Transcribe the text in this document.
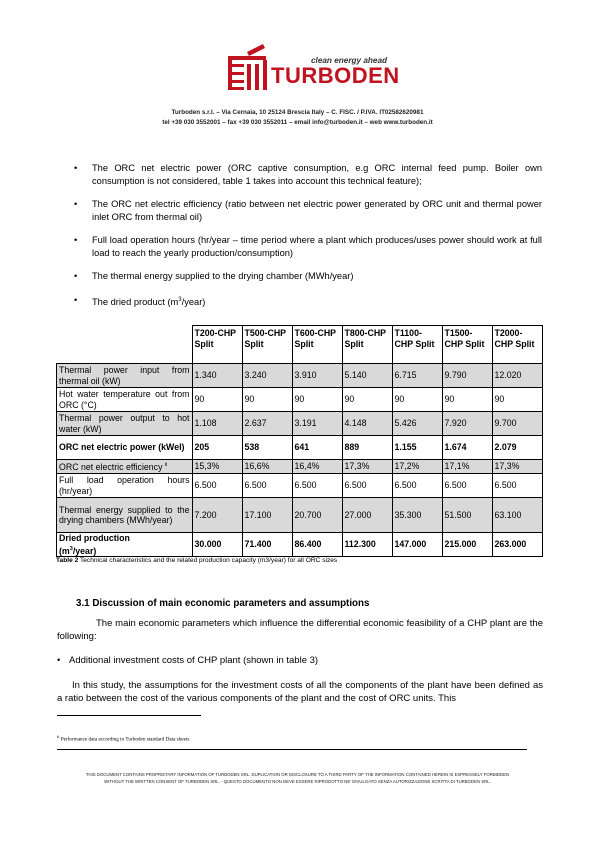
clean energy ahead
TURBODEN
Turboden s.r.l. – Via Cernaia, 10 25124 Brescia Italy – C. FISC. / P.IVA. IT02582620981
tel +39 030 3552001 – fax +39 030 3552011 – email info@turboden.it – web www.turboden.it
• The ORC net electric power (ORC captive consumption, e.g ORC internal feed pump. Boiler own consumption is not considered, table 1 takes into account this technical feature);
• The ORC net electric efficiency (ratio between net electric power generated by ORC unit and thermal power inlet ORC from thermal oil)
• Full load operation hours (hr/year – time period where a plant which produces/uses power should work at full load to reach the yearly production/consumption)
• The thermal energy supplied to the drying chamber (MWh/year)
• The dried product $(m^3/year)$
	T200-CHP Split	T500-CHP Split	T600-CHP Split	T800-CHP Split	T1100-CHP Split	T1500-CHP Split	T2000-CHP Split
Thermal power input from thermal oil (kW)	1.340	3.240	3.910	5.140	6.715	9.790	12.020
Hot water temperature out from ORC (°C)	90	90	90	90	90	90	90
Thermal power output to hot water (kW)	1.108	2.637	3.191	4.148	5.426	7.920	9.700
ORC net electric power (kWel)	205	538	641	889	1.155	1.674	2.079
ORC net electric efficiency $^{ii}$	15,3%	16,6%	16,4%	17,3%	17,2%	17,1%	17,3%
Full load operation hours (hr/year)	6.500	6.500	6.500	6.500	6.500	6.500	6.500
Thermal energy supplied to the drying chambers (MWh/year)	7.200	17.100	20.700	27.000	35.300	51.500	63.100
Dried production
$(m^3/year)$	30.000	71.400	86.400	112.300	147.000	215.000	263.000
Table 2 Technical characteristics and the related production capacity (m3/year) for all ORC sizes
3.1 Discussion of main economic parameters and assumptions
The main economic parameters which influence the differential economic feasibility of a CHP plant are the following:
• Additional investment costs of CHP plant (shown in table 3)
In this study, the assumptions for the investment costs of all the components of the plant have been defined as a ratio between the cost of the various components of the plant and the cost of ORC units. This
$^{ii}$ Performance data according to Turboden standard Data sheets
THIS DOCUMENT CONTAINS PROPRIETARY INFORMATION OF TURBODEN SRL. DUPLICATION OR DISCLOSURE TO A THIRD PARTY OF THE INFORMATION CONTAINED HEREIN IS EXPRESSELY FORBIDDEN
WITHOUT THE WRITTEN CONSENT OF TURBODEN SRL. - QUESTO DOCUMENTO NON DEVE ESSERE RIPRODOTTO NE' DIVULGATO SENZA AUTORIZZAZIONE SCRITTA DI TURBODEN SRL.
